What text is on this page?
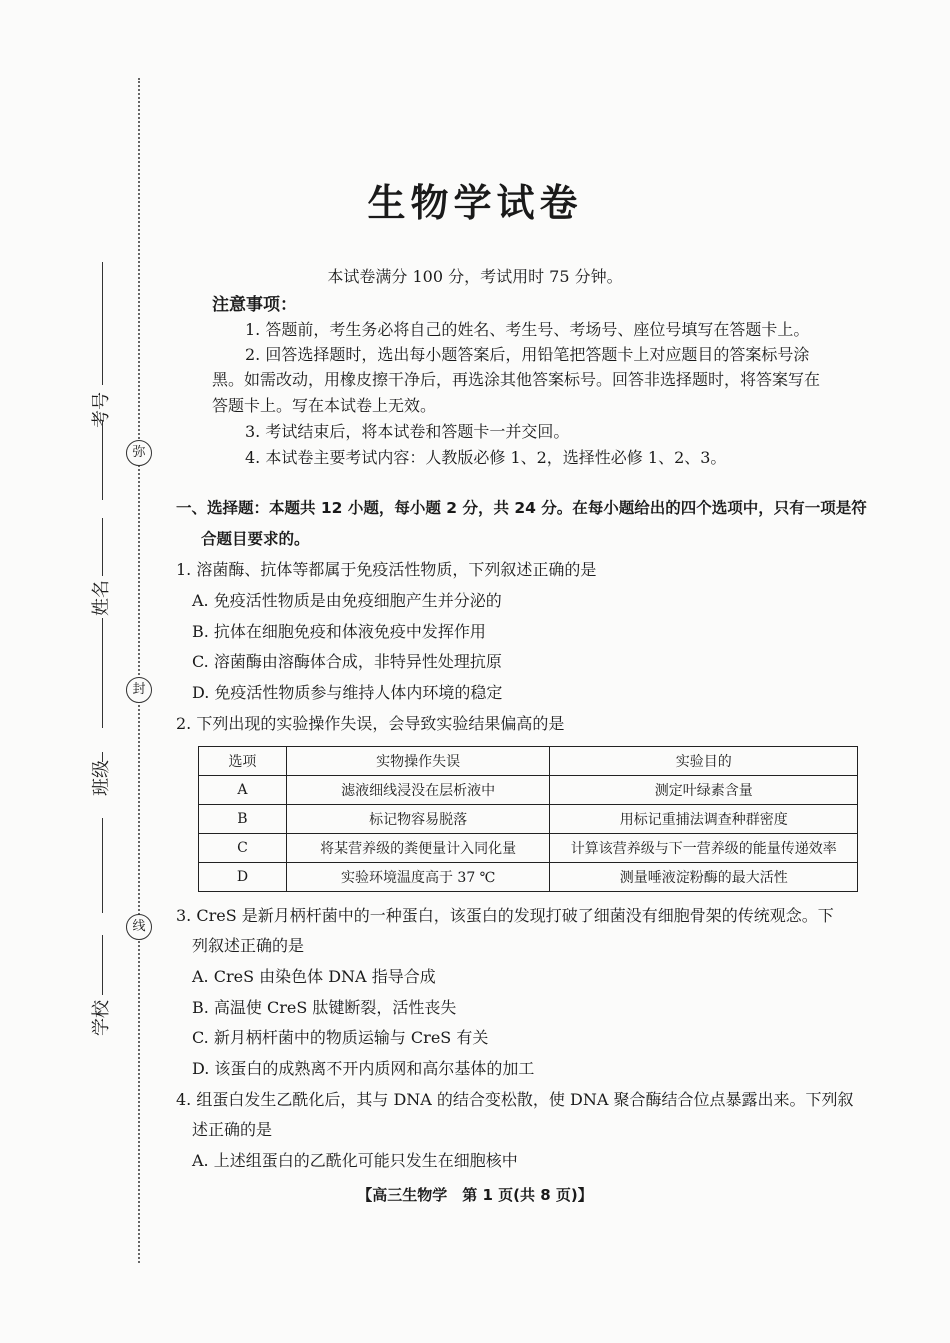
考号
姓名
班级
学校
弥
封
线
生物学试卷
本试卷满分 100 分，考试用时 75 分钟。
注意事项：
1. 答题前，考生务必将自己的姓名、考生号、考场号、座位号填写在答题卡上。
2. 回答选择题时，选出每小题答案后，用铅笔把答题卡上对应题目的答案标号涂
黑。如需改动，用橡皮擦干净后，再选涂其他答案标号。回答非选择题时，将答案写在
答题卡上。写在本试卷上无效。
3. 考试结束后，将本试卷和答题卡一并交回。
4. 本试卷主要考试内容：人教版必修 1、2，选择性必修 1、2、3。
一、选择题：本题共 12 小题，每小题 2 分，共 24 分。在每小题给出的四个选项中，只有一项是符
合题目要求的。
1. 溶菌酶、抗体等都属于免疫活性物质，下列叙述正确的是
A. 免疫活性物质是由免疫细胞产生并分泌的
B. 抗体在细胞免疫和体液免疫中发挥作用
C. 溶菌酶由溶酶体合成，非特异性处理抗原
D. 免疫活性物质参与维持人体内环境的稳定
2. 下列出现的实验操作失误，会导致实验结果偏高的是
选项	实物操作失误	实验目的
A	滤液细线浸没在层析液中	测定叶绿素含量
B	标记物容易脱落	用标记重捕法调查种群密度
C	将某营养级的粪便量计入同化量	计算该营养级与下一营养级的能量传递效率
D	实验环境温度高于 37 ℃	测量唾液淀粉酶的最大活性
3. CreS 是新月柄杆菌中的一种蛋白，该蛋白的发现打破了细菌没有细胞骨架的传统观念。下
列叙述正确的是
A. CreS 由染色体 DNA 指导合成
B. 高温使 CreS 肽键断裂，活性丧失
C. 新月柄杆菌中的物质运输与 CreS 有关
D. 该蛋白的成熟离不开内质网和高尔基体的加工
4. 组蛋白发生乙酰化后，其与 DNA 的结合变松散，使 DNA 聚合酶结合位点暴露出来。下列叙
述正确的是
A. 上述组蛋白的乙酰化可能只发生在细胞核中
【高三生物学　第 1 页(共 8 页)】
